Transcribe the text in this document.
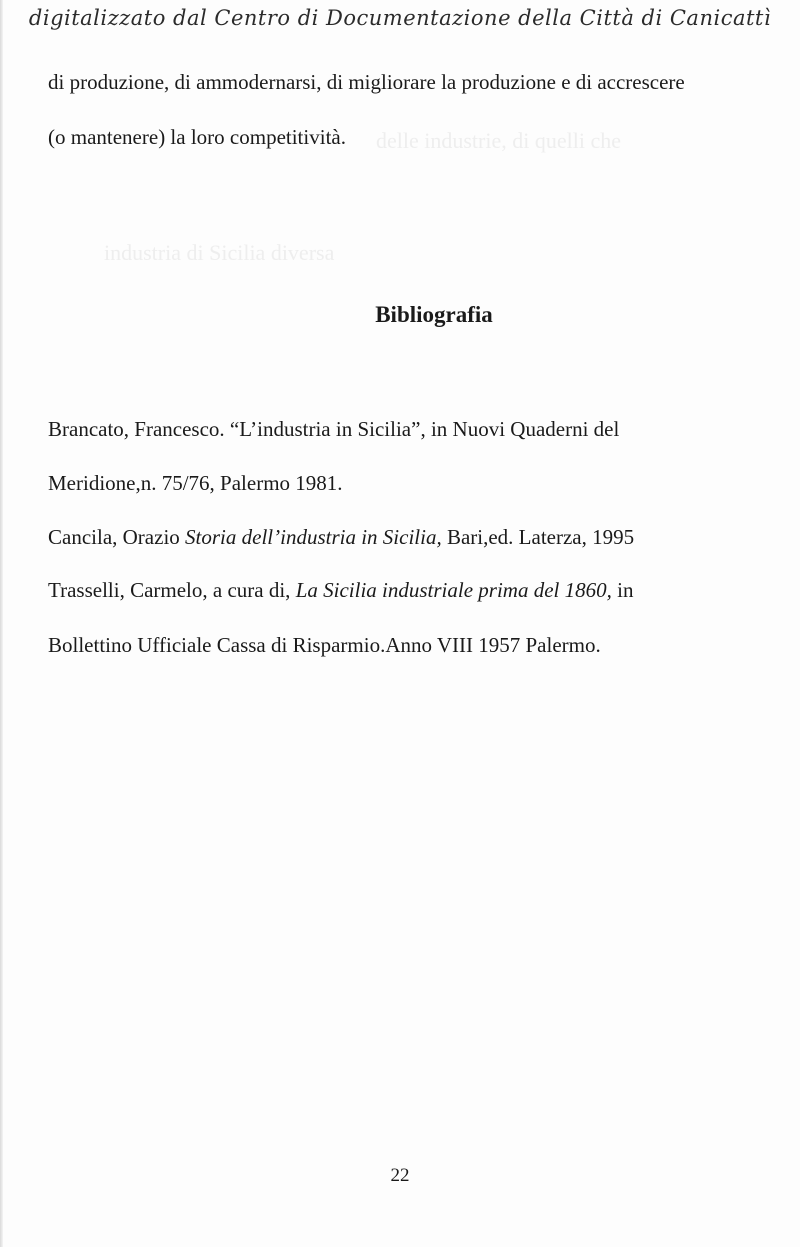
digitalizzato dal Centro di Documentazione della Città di Canicattì
delle industrie, di quelli che
industria di Sicilia diversa
di produzione, di ammodernarsi, di migliorare la produzione e di accrescere
(o mantenere) la loro competitività.
Bibliografia
Brancato, Francesco. “L’industria in Sicilia”, in Nuovi Quaderni del
Meridione,n. 75/76, Palermo 1981.
Cancila, Orazio Storia dell’industria in Sicilia, Bari,ed. Laterza, 1995
Trasselli, Carmelo, a cura di, La Sicilia industriale prima del 1860, in
Bollettino Ufficiale Cassa di Risparmio.Anno VIII 1957 Palermo.
22
